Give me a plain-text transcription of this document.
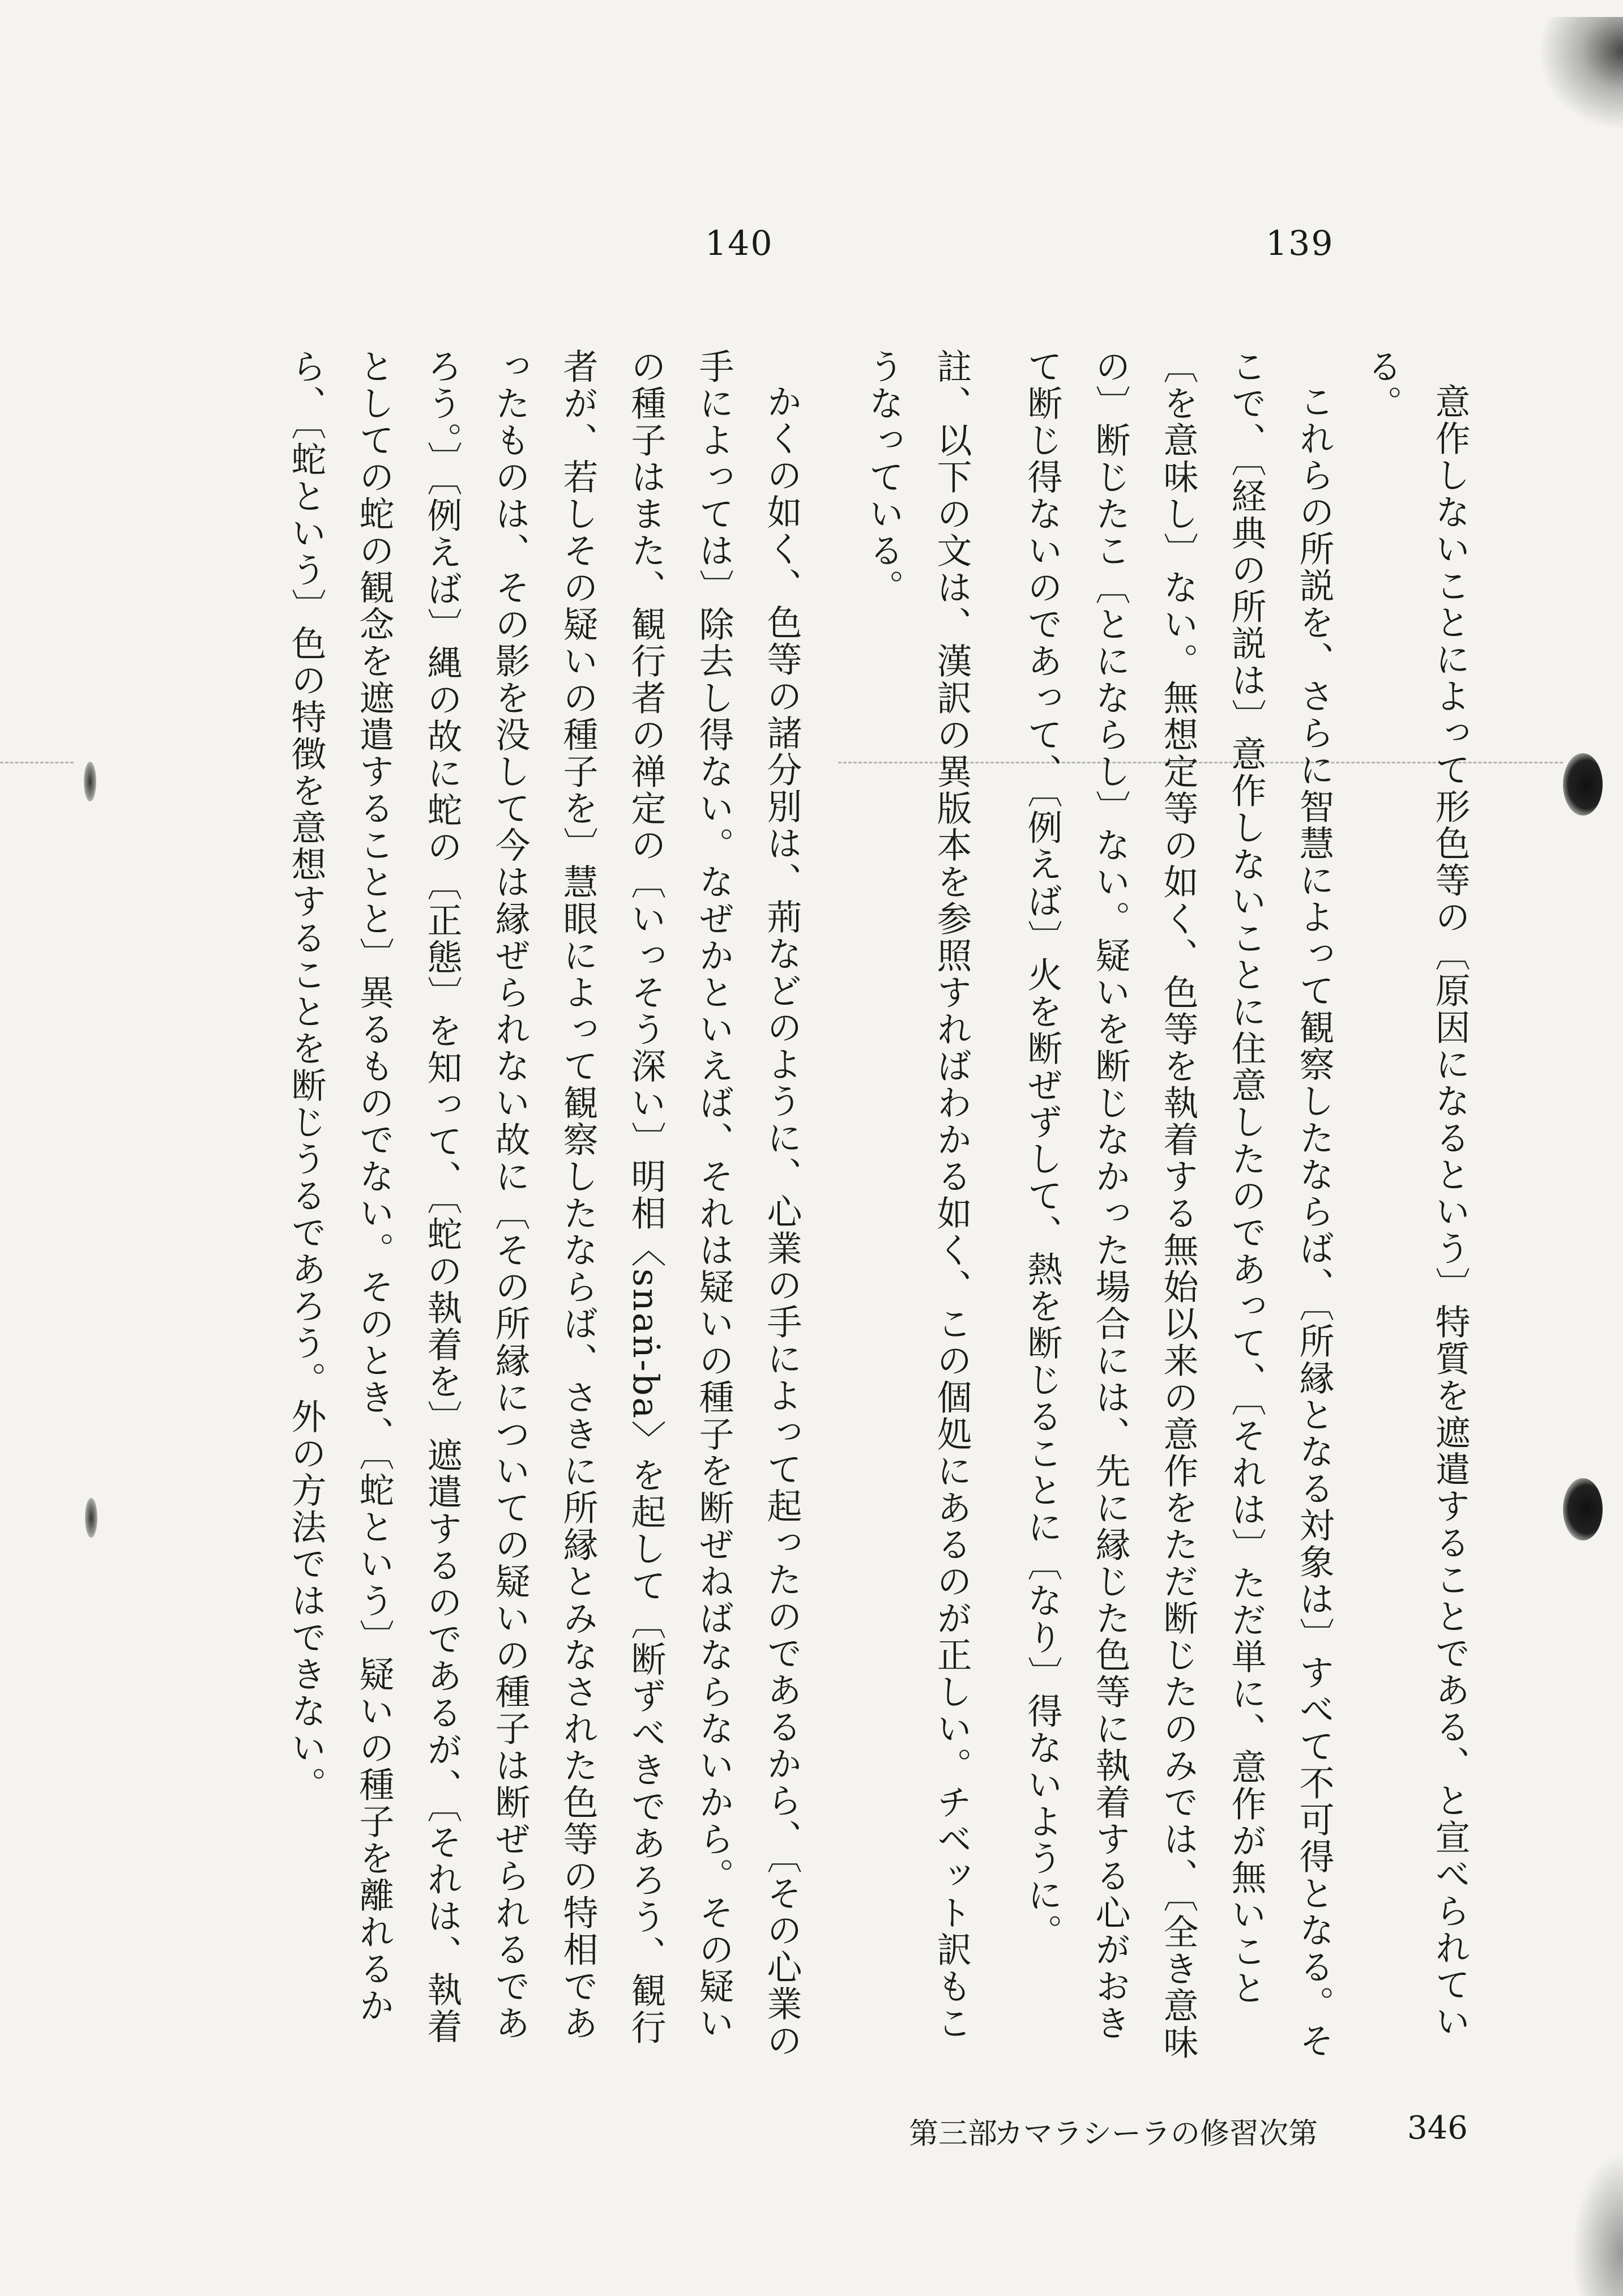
140	139

意作しないことによって形色等の〔原因になるという〕特質を遮遣することである、と宣べられている。

これらの所説を、さらに智慧によって観察したならば、〔所縁となる対象は〕すべて不可得となる。そこで、〔経典の所説は〕意作しないことに住意したのであって、〔それは〕ただ単に、意作が無いこと〔を意味し〕ない。無想定等の如く、色等を執着する無始以来の意作をただ断じたのみでは、〔全き意味の〕断じたこ〔とにならし〕ない。疑いを断じなかった場合には、先に縁じた色等に執着する心がおきて断じ得ないのであって、〔例えば〕火を断ぜずして、熱を断じることに〔なり〕得ないように。

註、以下の文は、漢訳の異版本を参照すればわかる如く、この個処にあるのが正しい。チベット訳もこうなっている。

かくの如く、色等の諸分別は、荊などのように、心業の手によって起ったのであるから、〔その心業の手によっては〕除去し得ない。なぜかといえば、それは疑いの種子を断ぜねばならないから。その疑いの種子はまた、観行者の禅定の〔いっそう深い〕明相〈snaṅ-ba〉を起して〔断ずべきであろう、観行者が、若しその疑いの種子を〕慧眼によって観察したならば、さきに所縁とみなされた色等の特相であったものは、その影を没して今は縁ぜられない故に〔その所縁についての疑いの種子は断ぜられるであろう。〕〔例えば〕縄の故に蛇の〔正態〕を知って、〔蛇の執着を〕遮遣するのであるが、〔それは、執着としての蛇の観念を遮遣することと〕異るものでない。そのとき、〔蛇という〕疑いの種子を離れるから、〔蛇という〕色の特徴を意想することを断じうるであろう。外の方法ではできない。

第三部
カマラシーラの修習次第	346
